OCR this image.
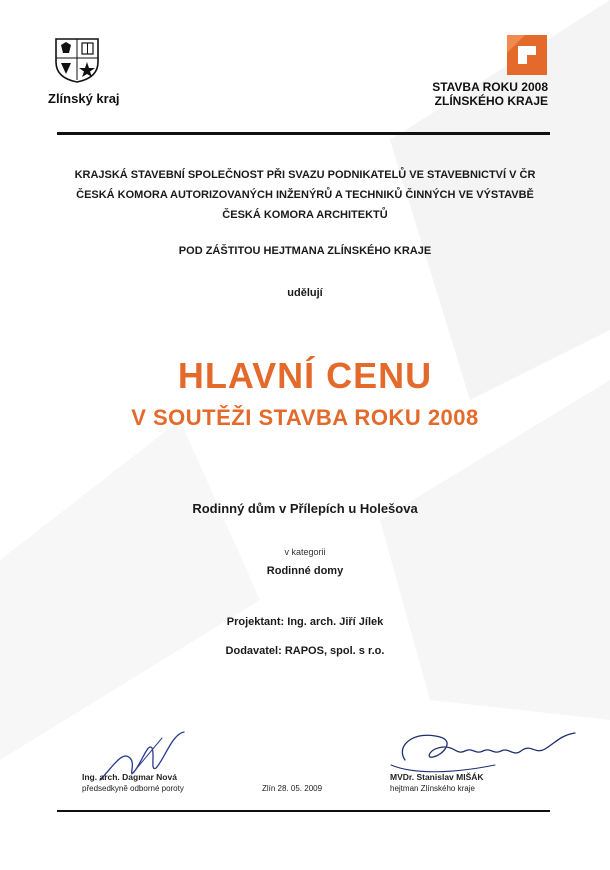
Zlínský kraj
STAVBA ROKU 2008
ZLÍNSKÉHO KRAJE
KRAJSKÁ STAVEBNÍ SPOLEČNOST PŘI SVAZU PODNIKATELŮ VE STAVEBNICTVÍ V ČR
ČESKÁ KOMORA AUTORIZOVANÝCH INŽENÝRŮ A TECHNIKŮ ČINNÝCH VE VÝSTAVBĚ
ČESKÁ KOMORA ARCHITEKTŮ
POD ZÁŠTITOU HEJTMANA ZLÍNSKÉHO KRAJE
udělují
HLAVNÍ CENU
V SOUTĚŽI STAVBA ROKU 2008
Rodinný dům v Přílepích u Holešova
v kategorii
Rodinné domy
Projektant: Ing. arch. Jiří Jílek
Dodavatel: RAPOS, spol. s r.o.
Ing. arch. Dagmar Nová
předsedkyně odborné poroty	Zlín 28. 05. 2009
MVDr. Stanislav MIŠÁK
hejtman Zlínského kraje
